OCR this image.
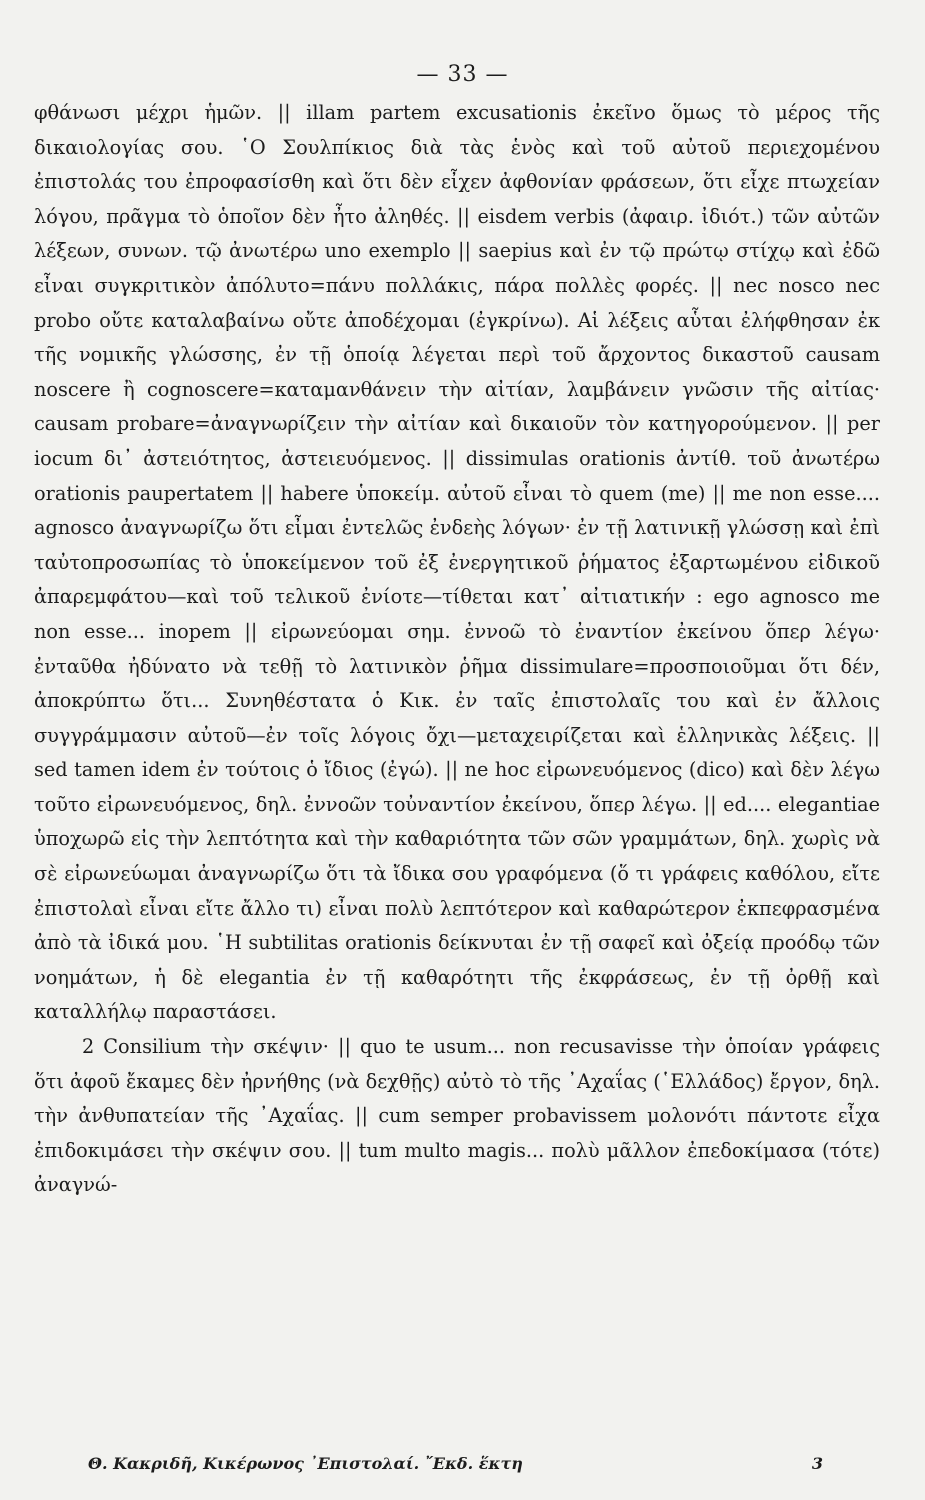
— 33 —

φθάνωσι μέχρι ἡμῶν. || illam partem excusationis ἐκεῖνο ὅμως τὸ μέρος τῆς δικαιολογίας σου. ῾Ο Σουλπίκιος διὰ τὰς ἑνὸς καὶ τοῦ αὐτοῦ περιεχομένου ἐπιστολάς του ἐπροφασίσθη καὶ ὅτι δὲν εἶχεν ἀφθονίαν φράσεων, ὅτι εἶχε πτωχείαν λόγου, πρᾶγμα τὸ ὁποῖον δὲν ἦτο ἀληθές. || eisdem verbis (ἀφαιρ. ἰδιότ.) τῶν αὐτῶν λέξεων, συνων. τῷ ἀνωτέρω uno exemplo || saepius καὶ ἐν τῷ πρώτῳ στίχῳ καὶ ἐδῶ εἶναι συγκριτικὸν ἀπόλυτο=πάνυ πολλάκις, πάρα πολλὲς φορές. || nec nosco nec probo οὔτε καταλαβαίνω οὔτε ἀποδέχομαι (ἐγκρίνω). Αἱ λέξεις αὗται ἐλήφθησαν ἐκ τῆς νομικῆς γλώσσης, ἐν τῇ ὁποίᾳ λέγεται περὶ τοῦ ἄρχοντος δικαστοῦ causam noscere ἢ cognoscere=καταμανθάνειν τὴν αἰτίαν, λαμβάνειν γνῶσιν τῆς αἰτίας· causam probare=ἀναγνωρίζειν τὴν αἰτίαν καὶ δικαιοῦν τὸν κατηγορούμενον. || per iocum δι᾽ ἀστειότητος, ἀστειευόμενος. || dissimulas orationis ἀντίθ. τοῦ ἀνωτέρω orationis paupertatem || habere ὑποκείμ. αὐτοῦ εἶναι τὸ quem (me) || me non esse.... agnosco ἀναγνωρίζω ὅτι εἶμαι ἐντελῶς ἐνδεὴς λόγων· ἐν τῇ λατινικῇ γλώσσῃ καὶ ἐπὶ ταὐτοπροσωπίας τὸ ὑποκείμενον τοῦ ἐξ ἐνεργητικοῦ ῥήματος ἐξαρτωμένου εἰδικοῦ ἀπαρεμφάτου—καὶ τοῦ τελικοῦ ἐνίοτε—τίθεται κατ᾽ αἰτιατικήν : ego agnosco me non esse... inopem || εἰρωνεύομαι σημ. ἐννοῶ τὸ ἐναντίον ἐκείνου ὅπερ λέγω· ἐνταῦθα ἠδύνατο νὰ τεθῇ τὸ λατινικὸν ῥῆμα dissimulare=προσποιοῦμαι ὅτι δέν, ἀποκρύπτω ὅτι... Συνηθέστατα ὁ Κικ. ἐν ταῖς ἐπιστολαῖς του καὶ ἐν ἄλλοις συγγράμμασιν αὐτοῦ—ἐν τοῖς λόγοις ὄχι—μεταχειρίζεται καὶ ἑλληνικὰς λέξεις. || sed tamen idem ἐν τούτοις ὁ ἴδιος (ἐγώ). || ne hoc εἰρωνευόμενος (dico) καὶ δὲν λέγω τοῦτο εἰρωνευόμενος, δηλ. ἐννοῶν τοὐναντίον ἐκείνου, ὅπερ λέγω. || ed.... elegantiae ὑποχωρῶ εἰς τὴν λεπτότητα καὶ τὴν καθαριότητα τῶν σῶν γραμμάτων, δηλ. χωρὶς νὰ σὲ εἰρωνεύωμαι ἀναγνωρίζω ὅτι τὰ ἴδικα σου γραφόμενα (ὅ τι γράφεις καθόλου, εἴτε ἐπιστολαὶ εἶναι εἴτε ἄλλο τι) εἶναι πολὺ λεπτότερον καὶ καθαρώτερον ἐκπεφρασμένα ἀπὸ τὰ ἰδικά μου. ῾Η subtilitas orationis δείκνυται ἐν τῇ σαφεῖ καὶ ὀξείᾳ προόδῳ τῶν νοημάτων, ἡ δὲ elegantia ἐν τῇ καθαρότητι τῆς ἐκφράσεως, ἐν τῇ ὀρθῇ καὶ καταλλήλῳ παραστάσει.

2 Consilium τὴν σκέψιν· || quo te usum... non recusavisse τὴν ὁποίαν γράφεις ὅτι ἀφοῦ ἔκαμες δὲν ἠρνήθης (νὰ δεχθῇς) αὐτὸ τὸ τῆς ᾿Αχαΐας (῾Ελλάδος) ἔργον, δηλ. τὴν ἀνθυπατείαν τῆς ᾿Αχαΐας. || cum semper probavissem μολονότι πάντοτε εἶχα ἐπιδοκιμάσει τὴν σκέψιν σου. || tum multo magis... πολὺ μᾶλλον ἐπεδοκίμασα (τότε) ἀναγνώ-

Θ. Κακριδῆ, Κικέρωνος ᾿Επιστολαί. ῎Εκδ. ἕκτη	3
